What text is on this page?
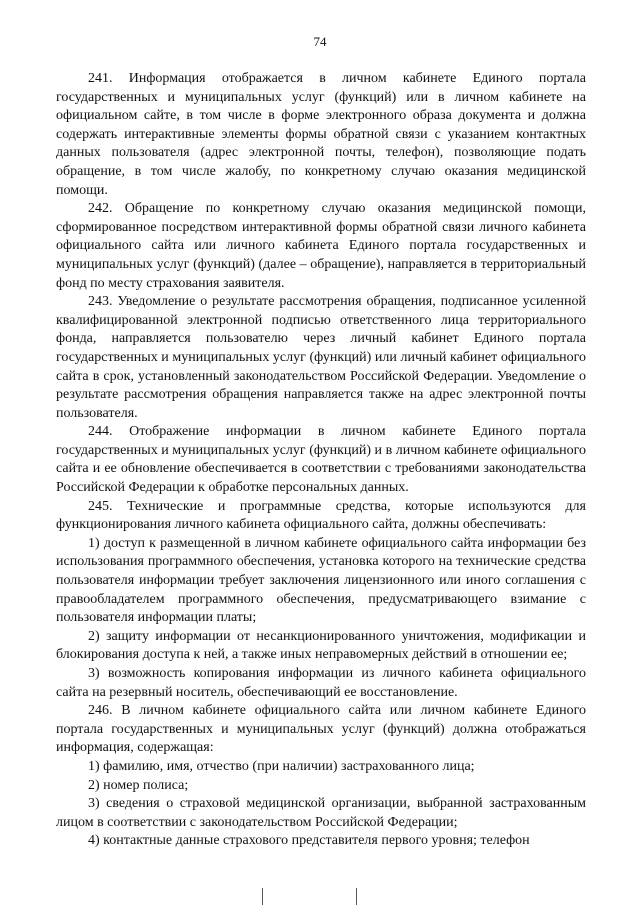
74

241. Информация отображается в личном кабинете Единого портала государственных и муниципальных услуг (функций) или в личном кабинете на официальном сайте, в том числе в форме электронного образа документа и должна содержать интерактивные элементы формы обратной связи с указанием контактных данных пользователя (адрес электронной почты, телефон), позволяющие подать обращение, в том числе жалобу, по конкретному случаю оказания медицинской помощи.

242. Обращение по конкретному случаю оказания медицинской помощи, сформированное посредством интерактивной формы обратной связи личного кабинета официального сайта или личного кабинета Единого портала государственных и муниципальных услуг (функций) (далее – обращение), направляется в территориальный фонд по месту страхования заявителя.

243. Уведомление о результате рассмотрения обращения, подписанное усиленной квалифицированной электронной подписью ответственного лица территориального фонда, направляется пользователю через личный кабинет Единого портала государственных и муниципальных услуг (функций) или личный кабинет официального сайта в срок, установленный законодательством Российской Федерации. Уведомление о результате рассмотрения обращения направляется также на адрес электронной почты пользователя.

244. Отображение информации в личном кабинете Единого портала государственных и муниципальных услуг (функций) и в личном кабинете официального сайта и ее обновление обеспечивается в соответствии с требованиями законодательства Российской Федерации к обработке персональных данных.

245. Технические и программные средства, которые используются для функционирования личного кабинета официального сайта, должны обеспечивать:

1) доступ к размещенной в личном кабинете официального сайта информации без использования программного обеспечения, установка которого на технические средства пользователя информации требует заключения лицензионного или иного соглашения с правообладателем программного обеспечения, предусматривающего взимание с пользователя информации платы;

2) защиту информации от несанкционированного уничтожения, модификации и блокирования доступа к ней, а также иных неправомерных действий в отношении ее;

3) возможность копирования информации из личного кабинета официального сайта на резервный носитель, обеспечивающий ее восстановление.

246. В личном кабинете официального сайта или личном кабинете Единого портала государственных и муниципальных услуг (функций) должна отображаться информация, содержащая:

1) фамилию, имя, отчество (при наличии) застрахованного лица;

2) номер полиса;

3) сведения о страховой медицинской организации, выбранной застрахованным лицом в соответствии с законодательством Российской Федерации;

4) контактные данные страхового представителя первого уровня; телефон
